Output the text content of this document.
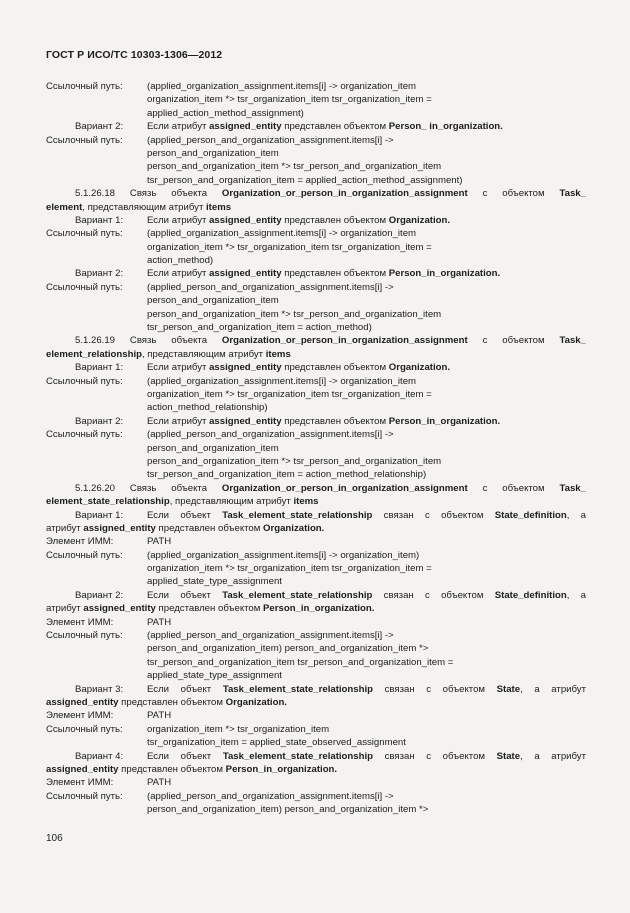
ГОСТ Р ИСО/ТС 10303-1306—2012
Ссылочный путь:	(applied_organization_assignment.items[i] -> organization_item
organization_item *> tsr_organization_item tsr_organization_item =
applied_action_method_assignment)
Вариант 2: Если атрибут assigned_entity представлен объектом Person_ in_organization.
Ссылочный путь:	(applied_person_and_organization_assignment.items[i] ->
person_and_organization_item
person_and_organization_item *> tsr_person_and_organization_item
tsr_person_and_organization_item = applied_action_method_assignment)
5.1.26.18 Связь объекта Organization_or_person_in_organization_assignment с объектом Task_
element, представляющим атрибут items
Вариант 1: Если атрибут assigned_entity представлен объектом Organization.
Ссылочный путь:	(applied_organization_assignment.items[i] -> organization_item
organization_item *> tsr_organization_item tsr_organization_item =
action_method)
Вариант 2: Если атрибут assigned_entity представлен объектом Person_in_organization.
Ссылочный путь:	(applied_person_and_organization_assignment.items[i] ->
person_and_organization_item
person_and_organization_item *> tsr_person_and_organization_item
tsr_person_and_organization_item = action_method)
5.1.26.19 Связь объекта Organization_or_person_in_organization_assignment с объектом Task_
element_relationship, представляющим атрибут items
Вариант 1: Если атрибут assigned_entity представлен объектом Organization.
Ссылочный путь:	(applied_organization_assignment.items[i] -> organization_item
organization_item *> tsr_organization_item tsr_organization_item =
action_method_relationship)
Вариант 2: Если атрибут assigned_entity представлен объектом Person_in_organization.
Ссылочный путь:	(applied_person_and_organization_assignment.items[i] ->
person_and_organization_item
person_and_organization_item *> tsr_person_and_organization_item
tsr_person_and_organization_item = action_method_relationship)
5.1.26.20 Связь объекта Organization_or_person_in_organization_assignment с объектом Task_
element_state_relationship, представляющим атрибут items
Вариант 1: Если объект Task_element_state_relationship связан с объектом State_definition, а
атрибут assigned_entity представлен объектом Organization.
Элемент ИММ:	PATH
Ссылочный путь:	(applied_organization_assignment.items[i] -> organization_item)
organization_item *> tsr_organization_item tsr_organization_item =
applied_state_type_assignment
Вариант 2: Если объект Task_element_state_relationship связан с объектом State_definition, а
атрибут assigned_entity представлен объектом Person_in_organization.
Элемент ИММ:	PATH
Ссылочный путь:	(applied_person_and_organization_assignment.items[i] ->
person_and_organization_item) person_and_organization_item *>
tsr_person_and_organization_item tsr_person_and_organization_item =
applied_state_type_assignment
Вариант 3: Если объект Task_element_state_relationship связан с объектом State, а атрибут
assigned_entity представлен объектом Organization.
Элемент ИММ:	PATH
Ссылочный путь:	organization_item *> tsr_organization_item
tsr_organization_item = applied_state_observed_assignment
Вариант 4: Если объект Task_element_state_relationship связан с объектом State, а атрибут
assigned_entity представлен объектом Person_in_organization.
Элемент ИММ:	PATH
Ссылочный путь:	(applied_person_and_organization_assignment.items[i] ->
person_and_organization_item) person_and_organization_item *>
106
